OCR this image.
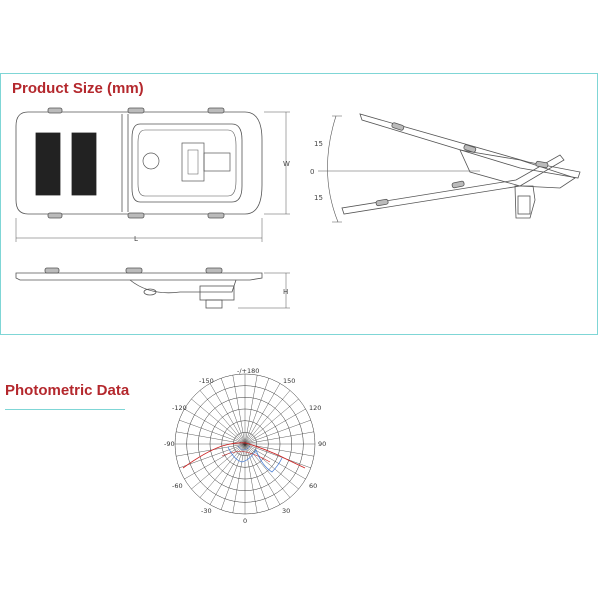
Product Size (mm)
Photometric Data
L
W
H
15
0
15
-/+180
-150	150
-120	120
-90	90
-60	60
-30	30
0
